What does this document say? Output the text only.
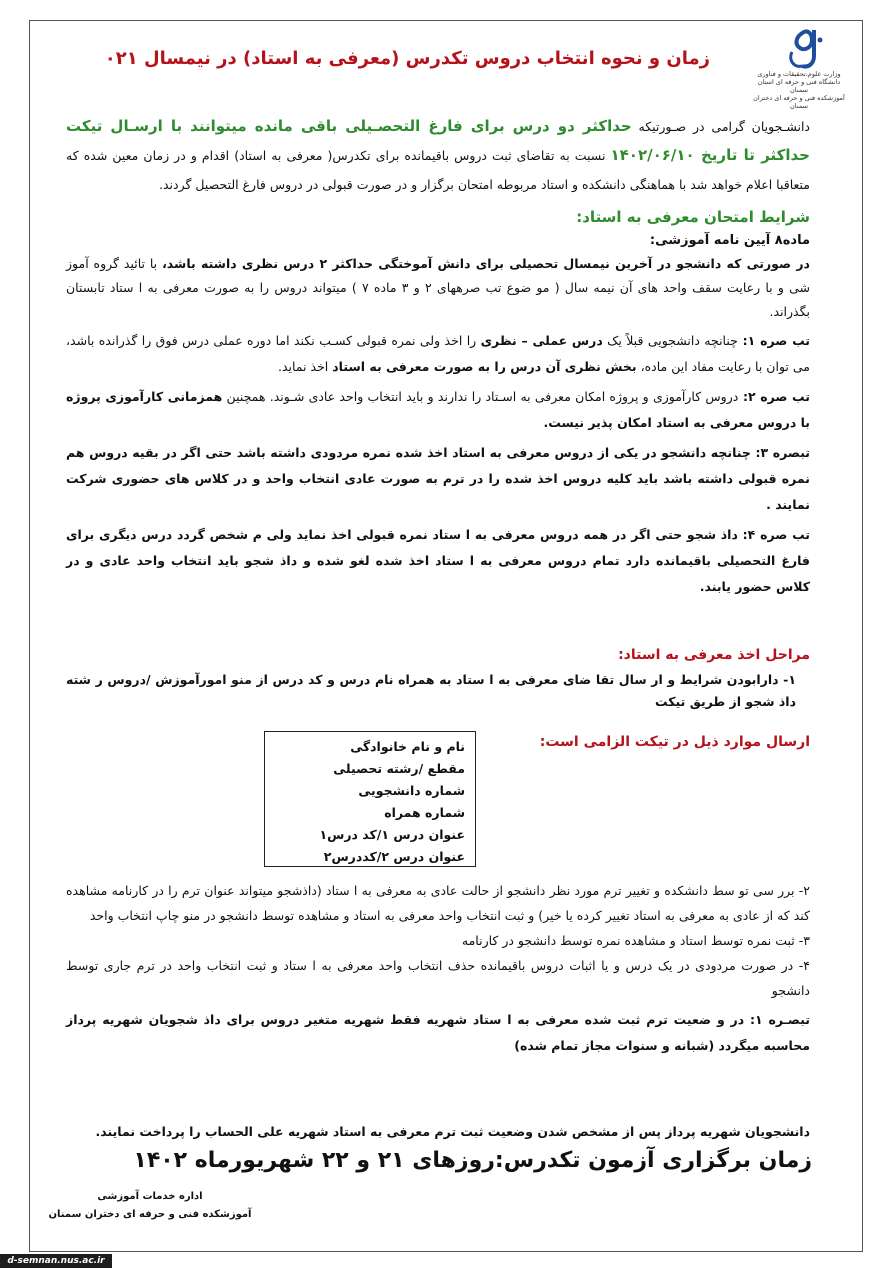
وزارت علوم،تحقیقات و فناوری
دانشگاه فنی و حرفه ای استان سمنان
آموزشکده فنی و حرفه ای دختران سمنان
زمان و نحوه انتخاب دروس تکدرس (معرفی به استاد) در نیمسال ۰۲۱
دانشـجویان گرامی در صـورتیکه حداکثر دو درس برای فارغ التحصـیلی باقی مانده میتوانند با ارسـال تیکت حداکثر تا تاریخ ۱۴۰۲/۰۶/۱۰ نسبت به تقاضای ثبت دروس باقیمانده برای تکدرس( معرفی به استاد) اقدام و در زمان معین شده که متعاقبا اعلام خواهد شد با هماهنگی دانشکده و استاد مربوطه امتحان برگزار و در صورت قبولی در دروس فارغ التحصیل گردند.

شرایط امتحان معرفی به استاد:

ماده۸ آیین نامه آموزشی:

در صورتی که دانشجو در آخرین نیمسال تحصیلی برای دانش آموختگی حداکثر ۲ درس نظری داشته باشد، با تائید گروه آموز شی و با رعایت سقف واحد های آن نیمه سال ( مو ضوع تب صرههای ۲ و ۳ ماده ۷ ) میتواند دروس را به صورت معرفی به ا ستاد تابستان بگذراند.

تب صره ۱: چنانچه دانشجویی قبلاً یک درس عملی – نظری را اخذ ولی نمره قبولی کسـب نکند اما دوره عملی درس فوق را گذرانده باشد، می توان با رعایت مفاد این ماده، بخش نظری آن درس را به صورت معرفی به استاد اخذ نماید.

تب صره ۲: دروس کارآموزی و پروژه امکان معرفی به اسـتاد را ندارند و باید انتخاب واحد عادی شـوند. همچنین همزمانی کارآموزی پروژه با دروس معرفی به استاد امکان پذیر نیست.

تبصره ۳: چنانچه دانشجو در یکی از دروس معرفی به استاد اخذ شده نمره مردودی داشته باشد حتی اگر در بقیه دروس هم نمره قبولی داشته باشد باید کلیه دروس اخذ شده را در ترم به صورت عادی انتخاب واحد و در کلاس های حضوری شرکت نمایند .

تب صره ۴: داذ شجو حتی اگر در همه دروس معرفی به ا ستاد نمره قبولی اخذ نماید ولی م شخص گردد درس دیگری برای فارغ التحصیلی باقیمانده دارد تمام دروس معرفی به ا ستاد اخذ شده لغو شده و داذ شجو باید انتخاب واحد عادی و در کلاس حضور یابند.

مراحل اخذ معرفی به استاد:

۱- دارابودن شرایط و ار سال تقا ضای معرفی به ا ستاد به همراه نام درس و کد درس از منو امورآموزش /دروس ر شته داذ شجو از طریق تیکت

ارسال موارد ذیل در تیکت الزامی است:
نام و نام خانوادگی
مقطع /رشته تحصیلی
شماره دانشجویی
شماره همراه
عنوان درس ۱/کد درس۱
عنوان درس ۲/کددرس۲

۲- برر سی تو سط دانشکده و تغییر ترم مورد نظر دانشجو از حالت عادی به معرفی به ا ستاد (داذشجو میتواند عنوان ترم را در کارنامه مشاهده کند که از عادی به معرفی به استاد تغییر کرده یا خیر) و ثبت انتخاب واحد معرفی به استاد و مشاهده توسط دانشجو در منو چاپ انتخاب واحد

۳- ثبت نمره توسط استاد و مشاهده نمره توسط دانشجو در کارنامه

۴- در صورت مردودی در یک درس و یا اثبات دروس باقیمانده حذف انتخاب واحد معرفی به ا ستاد و ثبت انتخاب واحد در ترم جاری توسط دانشجو

تبصـره ۱: در و ضعیت ترم ثبت شده معرفی به ا ستاد شهریه فقط شهریه متغیر دروس برای داذ شجویان شهریه پرداز محاسبه میگردد (شبانه و سنوات مجاز تمام شده)

دانشجویان شهریه پرداز پس از مشخص شدن وضعیت ثبت ترم معرفی به استاد شهریه علی الحساب را پرداخت نمایند.
زمان برگزاری آزمون تکدرس:روزهای ۲۱ و ۲۲ شهریورماه ۱۴۰۲
اداره خدمات آموزشی
آموزشکده فنی و حرفه ای دختران سمنان
d-semnan.nus.ac.ir
